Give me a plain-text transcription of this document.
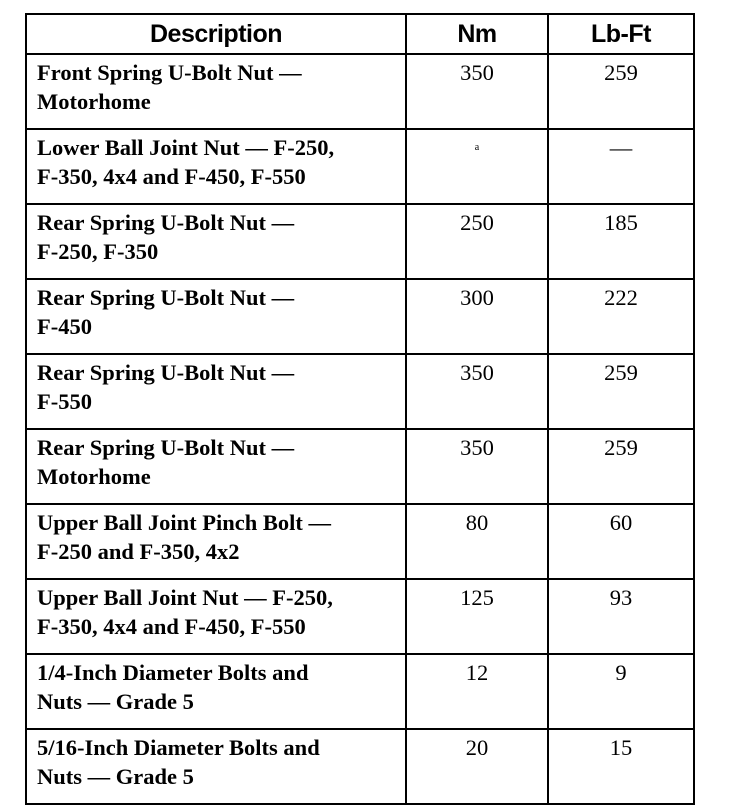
Description	Nm	Lb-Ft
Front Spring U-Bolt Nut —
Motorhome	350	259
Lower Ball Joint Nut — F-250,
F-350, 4x4 and F-450, F-550	$^a$	—
Rear Spring U-Bolt Nut —
F-250, F-350	250	185
Rear Spring U-Bolt Nut —
F-450	300	222
Rear Spring U-Bolt Nut —
F-550	350	259
Rear Spring U-Bolt Nut —
Motorhome	350	259
Upper Ball Joint Pinch Bolt —
F-250 and F-350, 4x2	80	60
Upper Ball Joint Nut — F-250,
F-350, 4x4 and F-450, F-550	125	93
1/4-Inch Diameter Bolts and
Nuts — Grade 5	12	9
5/16-Inch Diameter Bolts and
Nuts — Grade 5	20	15
